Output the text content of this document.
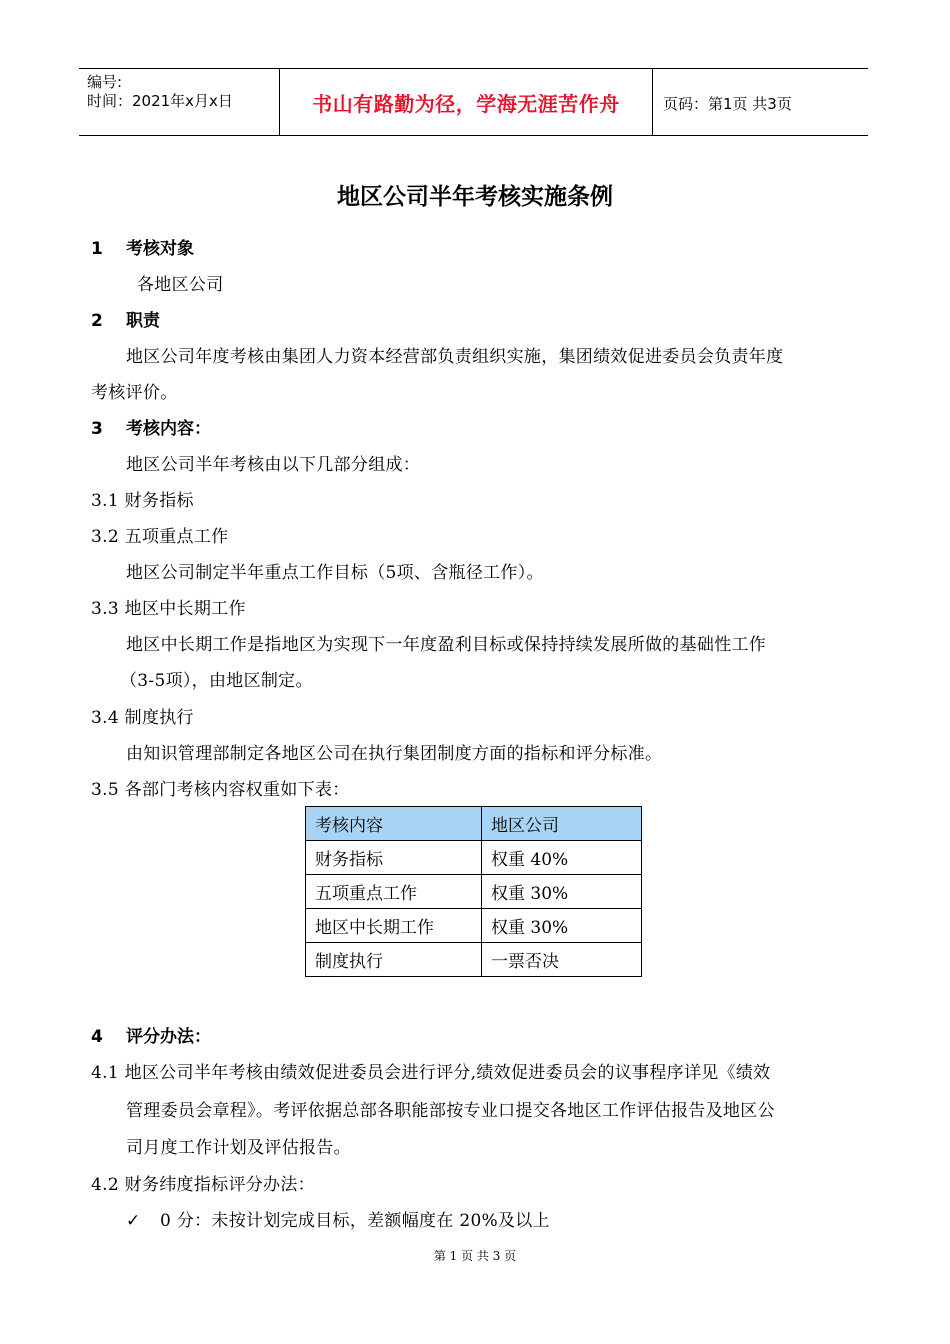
编号:
时间：2021年x月x日	书山有路勤为径，学海无涯苦作舟	页码：第1页 共3页
地区公司半年考核实施条例
1 考核对象
各地区公司
2 职责
地区公司年度考核由集团人力资本经营部负责组织实施，集团绩效促进委员会负责年度
考核评价。
3 考核内容：
地区公司半年考核由以下几部分组成：
3.1 财务指标
3.2 五项重点工作
地区公司制定半年重点工作目标（5项、含瓶径工作）。
3.3 地区中长期工作
地区中长期工作是指地区为实现下一年度盈利目标或保持持续发展所做的基础性工作
（3-5项），由地区制定。
3.4 制度执行
由知识管理部制定各地区公司在执行集团制度方面的指标和评分标准。
3.5 各部门考核内容权重如下表：
考核内容	地区公司
财务指标	权重 40%
五项重点工作	权重 30%
地区中长期工作	权重 30%
制度执行	一票否决
4 评分办法：
4.1 地区公司半年考核由绩效促进委员会进行评分,绩效促进委员会的议事程序详见《绩效
管理委员会章程》。考评依据总部各职能部按专业口提交各地区工作评估报告及地区公
司月度工作计划及评估报告。
4.2 财务纬度指标评分办法：
✓ 0 分：未按计划完成目标，差额幅度在 20%及以上
第 1 页 共 3 页
